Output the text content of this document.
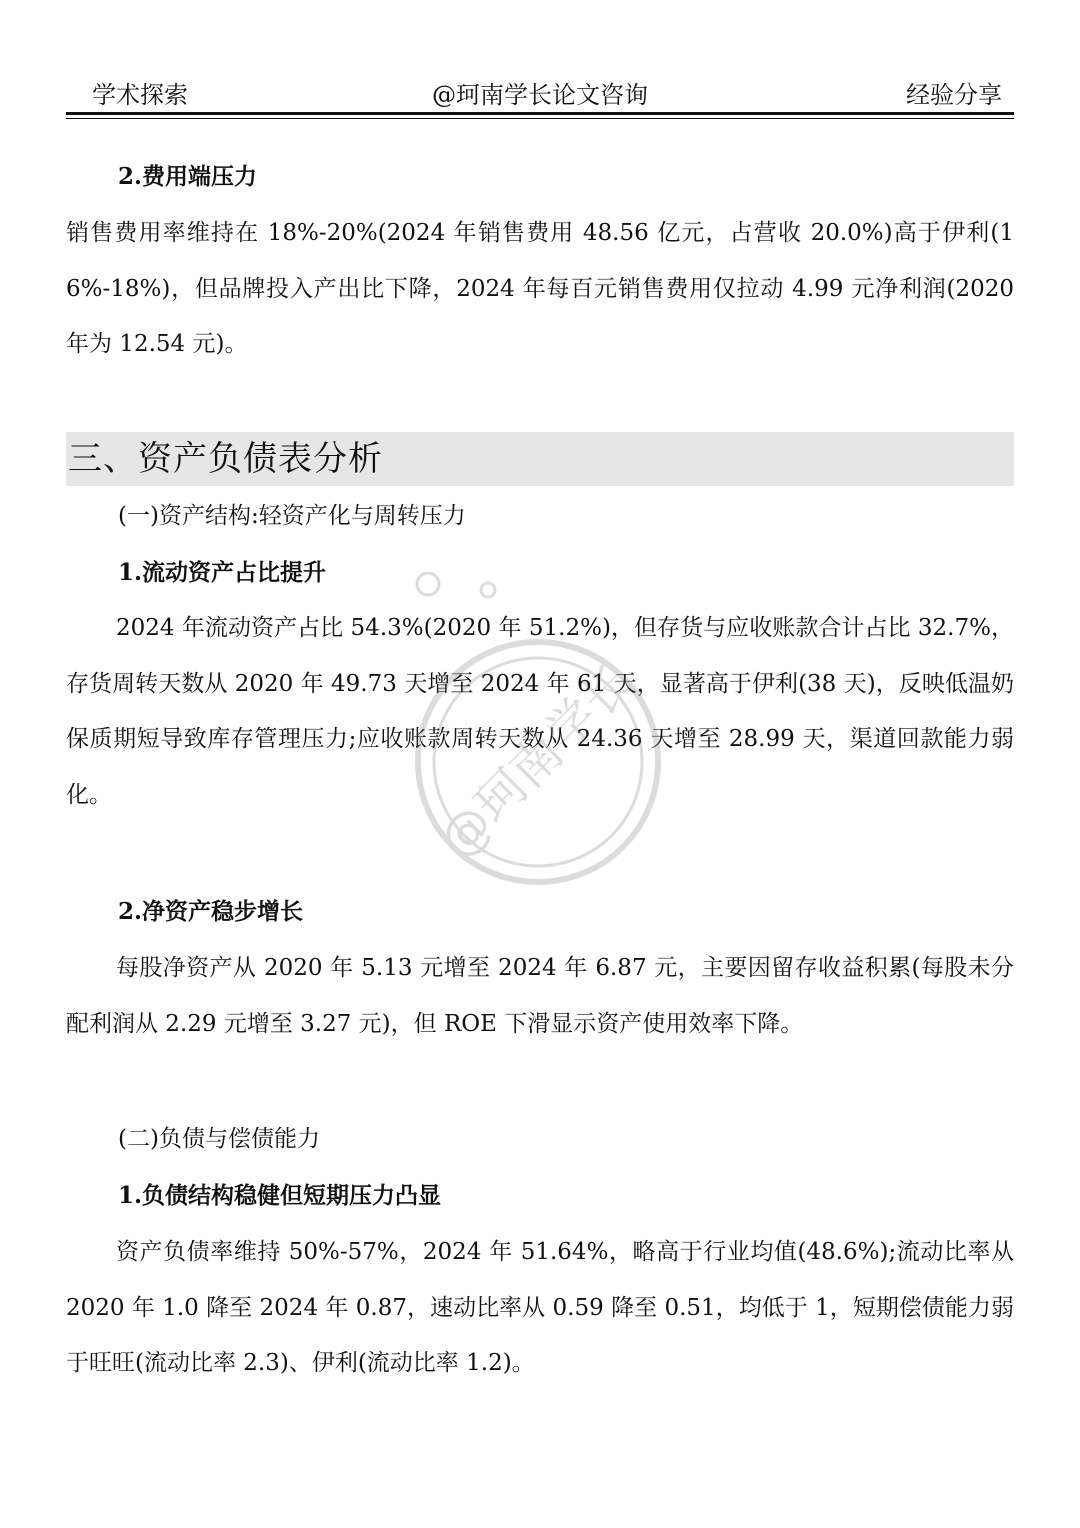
学术探索	@珂南学长论文咨询	经验分享
2.费用端压力

销售费用率维持在 18%-20%(2024 年销售费用 48.56 亿元，占营收 20.0%)高于伊利(16%-18%)，但品牌投入产出比下降，2024 年每百元销售费用仅拉动 4.99 元净利润(2020 年为 12.54 元)。

三、资产负债表分析
(一)资产结构:轻资产化与周转压力
1.流动资产占比提升

2024 年流动资产占比 54.3%(2020 年 51.2%)，但存货与应收账款合计占比 32.7%，存货周转天数从 2020 年 49.73 天增至 2024 年 61 天，显著高于伊利(38 天)，反映低温奶保质期短导致库存管理压力;应收账款周转天数从 24.36 天增至 28.99 天，渠道回款能力弱化。

2.净资产稳步增长

每股净资产从 2020 年 5.13 元增至 2024 年 6.87 元，主要因留存收益积累(每股未分配利润从 2.29 元增至 3.27 元)，但 ROE 下滑显示资产使用效率下降。

(二)负债与偿债能力
1.负债结构稳健但短期压力凸显

资产负债率维持 50%-57%，2024 年 51.64%，略高于行业均值(48.6%);流动比率从 2020 年 1.0 降至 2024 年 0.87，速动比率从 0.59 降至 0.51，均低于 1，短期偿债能力弱于旺旺(流动比率 2.3)、伊利(流动比率 1.2)。

@珂南学长
